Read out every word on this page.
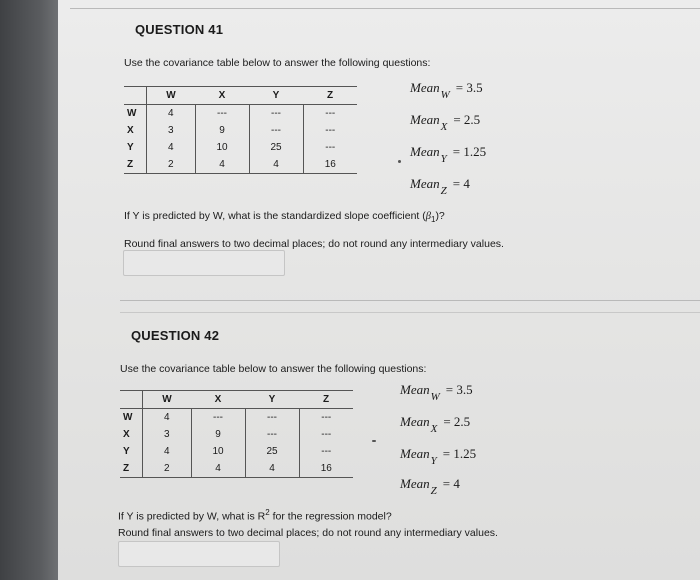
QUESTION 41
Use the covariance table below to answer the following questions:
	W	X	Y	Z
W	4	---	---	---
X	3	9	---	---
Y	4	10	25	---
Z	2	4	4	16
Mean$_W$ = 3.5
Mean$_X$ = 2.5
Mean$_Y$ = 1.25
Mean$_Z$ = 4
If Y is predicted by W, what is the standardized slope coefficient $(\beta_1)$?
Round final answers to two decimal places; do not round any intermediary values.
QUESTION 42
Use the covariance table below to answer the following questions:
	W	X	Y	Z
W	4	---	---	---
X	3	9	---	---
Y	4	10	25	---
Z	2	4	4	16
Mean$_W$ = 3.5
Mean$_X$ = 2.5
Mean$_Y$ = 1.25
Mean$_Z$ = 4
If Y is predicted by W, what is $R^2$ for the regression model?
Round final answers to two decimal places; do not round any intermediary values.
